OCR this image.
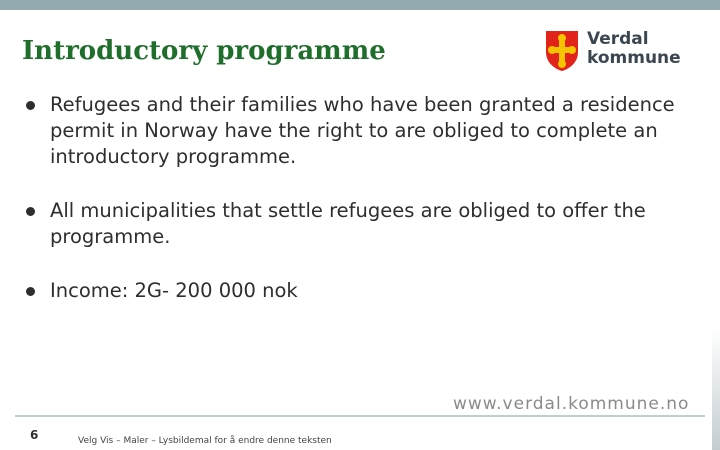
Introductory programme	Verdal
kommune
Refugees and their families who have been granted a residence permit in Norway have the right to are obliged to complete an introductory programme.
All municipalities that settle refugees are obliged to offer the programme.
Income: 2G- 200 000 nok
www.verdal.kommune.no
6	Velg Vis – Maler – Lysbildemal for å endre denne teksten
